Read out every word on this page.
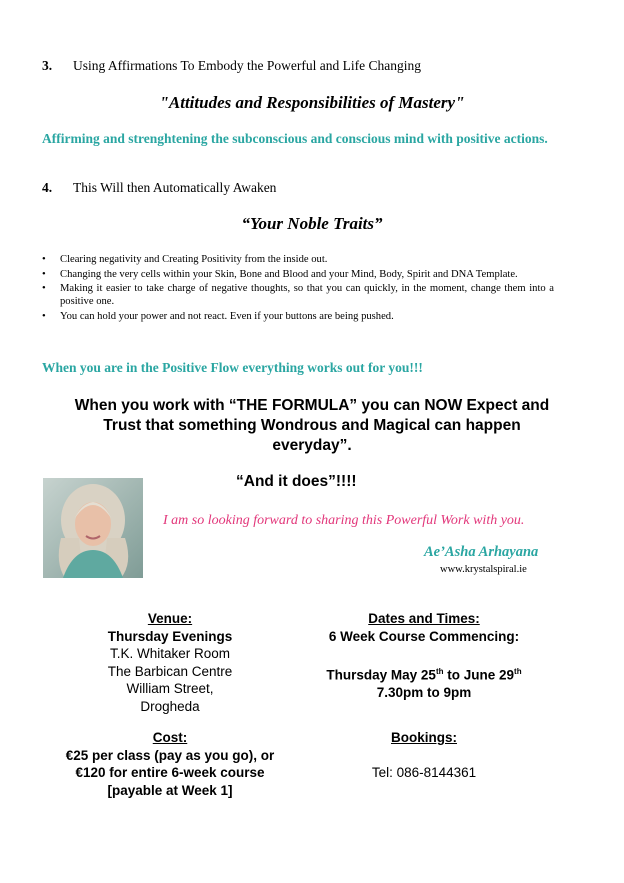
3. Using Affirmations To Embody the Powerful and Life Changing
"Attitudes and Responsibilities of Mastery"
Affirming and strenghtening the subconscious and conscious mind with positive actions.
4. This Will then Automatically Awaken
“Your Noble Traits”
• Clearing negativity and Creating Positivity from the inside out.
• Changing the very cells within your Skin, Bone and Blood and your Mind, Body, Spirit and DNA Template.
• Making it easier to take charge of negative thoughts, so that you can quickly, in the moment, change them into a positive one.
• You can hold your power and not react. Even if your buttons are being pushed.
When you are in the Positive Flow everything works out for you!!!
When you work with “THE FORMULA” you can NOW Expect and
Trust that something Wondrous and Magical can happen
everyday”.
“And it does”!!!!
I am so looking forward to sharing this Powerful Work with you.
Ae’Asha Arhayana
www.krystalspiral.ie
Venue:
Thursday Evenings
T.K. Whitaker Room
The Barbican Centre
William Street,
Drogheda
Dates and Times:
6 Week Course Commencing:
Thursday May 25th to June 29th
7.30pm to 9pm
Cost:
€25 per class (pay as you go), or
€120 for entire 6-week course
[payable at Week 1]
Bookings:
Tel: 086-8144361
